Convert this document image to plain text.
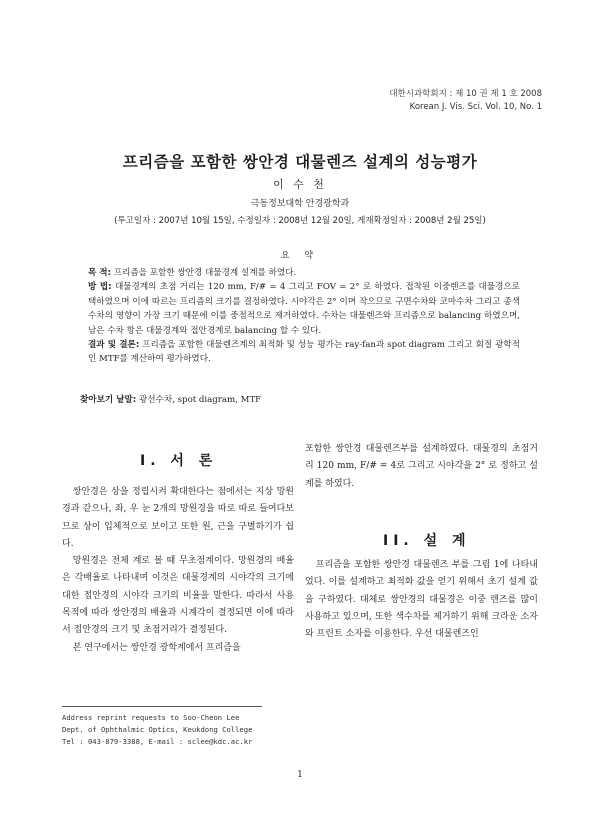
대한시과학회지 : 제 10 권 제 1 호 2008
Korean J. Vis. Sci. Vol. 10, No. 1
프리즘을 포함한 쌍안경 대물렌즈 설계의 성능평가
이 수 천
극동정보대학 안경광학과
(투고일자 : 2007년 10월 15일, 수정일자 : 2008년 12월 20일, 게재확정일자 : 2008년 2월 25일)
요 약

목 적: 프리즘을 포함한 쌍안경 대물경계 설계를 하였다.

방 법: 대물경계의 초점 거리는 120 mm, F/# = 4 그리고 FOV = 2° 로 하였다. 접착된 이중렌즈를 대물경으로 택하였으며 이에 따르는 프리즘의 크기를 결정하였다. 시야각은 2° 이며 작으므로 구면수차와 코마수차 그리고 종색수차의 영향이 가장 크기 때문에 이를 중점적으로 제거하였다. 수차는 대물렌즈와 프리즘으로 balancing 하였으며, 남은 수차 항은 대물경계와 접안경계로 balancing 할 수 있다.

결과 및 결론: 프리즘을 포함한 대물렌즈계의 최적화 및 성능 평가는 ray-fan과 spot diagram 그리고 회절 광학적인 MTF를 계산하여 평가하였다.

찾아보기 낱말: 광선수차, spot diagram, MTF
I. 서 론

쌍안경은 상을 정립시켜 확대한다는 점에서는 지상 망원경과 같으나, 좌, 우 눈 2개의 망원경을 따로 따로 들여다보므로 상이 입체적으로 보이고 또한 원, 근을 구별하기가 쉽다.

망원경은 전체 계로 볼 때 무초점계이다. 망원경의 배율은 각배율로 나타내며 이것은 대물경계의 시야각의 크기에 대한 접안경의 시야각 크기의 비율을 말한다. 따라서 사용 목적에 따라 쌍안경의 배율과 시계각이 결정되면 이에 따라서 접안경의 크기 및 초점거리가 결정된다.

본 연구에서는 쌍안경 광학계에서 프리즘을

포함한 쌍안경 대물렌즈부를 설계하였다. 대물경의 초점거리 120 mm, F/# = 4로 그리고 시야각을 2° 로 정하고 설계를 하였다.

II. 설 계

프리즘을 포함한 쌍안경 대물렌즈 부를 그림 1에 나타내었다. 이를 설계하고 최적화 값을 얻기 위해서 초기 설계 값을 구하였다. 대체로 쌍안경의 대물경은 이중 렌즈를 많이 사용하고 있으며, 또한 색수차를 제거하기 위해 크라운 소자와 프린트 소자를 이용한다. 우선 대물렌즈인

Address reprint requests to Soo-Cheon Lee
Dept. of Ophthalmic Optics, Keukdong College
Tel : 043-879-3388, E-mail : sclee@kdc.ac.kr
1
